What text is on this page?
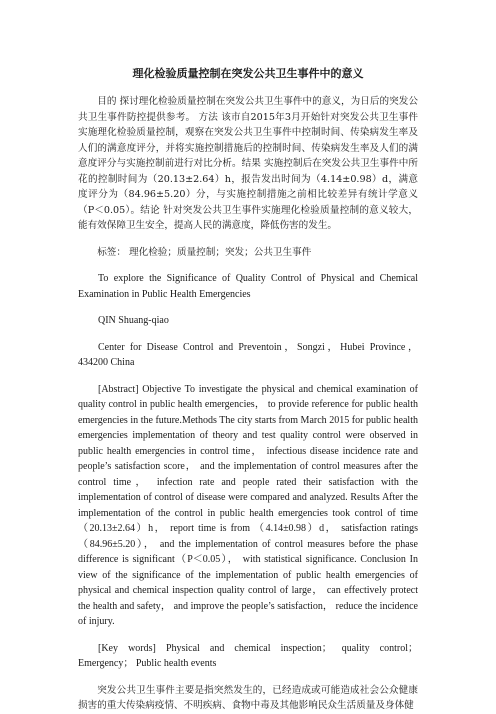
理化检验质量控制在突发公共卫生事件中的意义

目的 探讨理化检验质量控制在突发公共卫生事件中的意义，为日后的突发公共卫生事件防控提供参考。 方法 该市自2015年3月开始针对突发公共卫生事件实施理化检验质量控制，观察在突发公共卫生事件中控制时间、传染病发生率及人们的满意度评分，并将实施控制措施后的控制时间、传染病发生率及人们的满意度评分与实施控制前进行对比分析。结果 实施控制后在突发公共卫生事件中所花的控制时间为（20.13±2.64）h，报告发出时间为（4.14±0.98）d，满意度评分为（84.96±5.20）分，与实施控制措施之前相比较差异有统计学意义（P＜0.05）。结论 针对突发公共卫生事件实施理化检验质量控制的意义较大，能有效保障卫生安全，提高人民的满意度，降低伤害的发生。

标签： 理化检验；质量控制；突发；公共卫生事件

To explore the Significance of Quality Control of Physical and Chemical Examination in Public Health Emergencies

QIN Shuang-qiao

Center for Disease Control and Preventoin，Songzi，Hubei Province，434200 China

[Abstract] Objective To investigate the physical and chemical examination of quality control in public health emergencies， to provide reference for public health emergencies in the future.Methods The city starts from March 2015 for public health emergencies implementation of theory and test quality control were observed in public health emergencies in control time， infectious disease incidence rate and people’s satisfaction score， and the implementation of control measures after the control time， infection rate and people rated their satisfaction with the implementation of control of disease were compared and analyzed. Results After the implementation of the control in public health emergencies took control of time （20.13±2.64）h， report time is from （4.14±0.98）d， satisfaction ratings （84.96±5.20）， and the implementation of control measures before the phase difference is significant（P＜0.05）， with statistical significance. Conclusion In view of the significance of the implementation of public health emergencies of physical and chemical inspection quality control of large， can effectively protect the health and safety， and improve the people’s satisfaction， reduce the incidence of injury.

[Key words] Physical and chemical inspection； quality control； Emergency； Public health events

突发公共卫生事件主要是指突然发生的，已经造成或可能造成社会公众健康损害的重大传染病疫情、不明疾病、食物中毒及其他影响民众生活质量及身体健
